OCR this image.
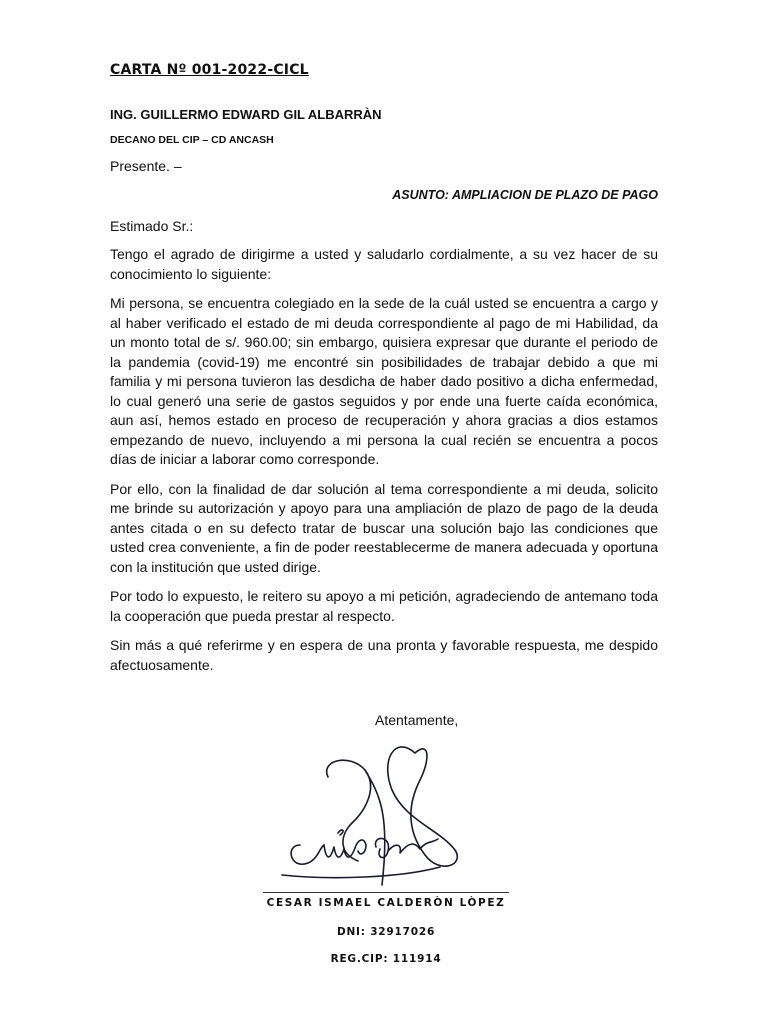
CARTA Nº 001-2022-CICL

ING. GUILLERMO EDWARD GIL ALBARRÀN

DECANO DEL CIP – CD ANCASH

Presente. –

ASUNTO: AMPLIACION DE PLAZO DE PAGO

Estimado Sr.:

Tengo el agrado de dirigirme a usted y saludarlo cordialmente, a su vez hacer de su conocimiento lo siguiente:

Mi persona, se encuentra colegiado en la sede de la cuál usted se encuentra a cargo y al haber verificado el estado de mi deuda correspondiente al pago de mi Habilidad, da un monto total de s/. 960.00; sin embargo, quisiera expresar que durante el periodo de la pandemia (covid-19) me encontré sin posibilidades de trabajar debido a que mi familia y mi persona tuvieron las desdicha de haber dado positivo a dicha enfermedad, lo cual generó una serie de gastos seguidos y por ende una fuerte caída económica, aun así, hemos estado en proceso de recuperación y ahora gracias a dios estamos empezando de nuevo, incluyendo a mi persona la cual recién se encuentra a pocos días de iniciar a laborar como corresponde.

Por ello, con la finalidad de dar solución al tema correspondiente a mi deuda, solicito me brinde su autorización y apoyo para una ampliación de plazo de pago de la deuda antes citada o en su defecto tratar de buscar una solución bajo las condiciones que usted crea conveniente, a fin de poder reestablecerme de manera adecuada y oportuna con la institución que usted dirige.

Por todo lo expuesto, le reitero su apoyo a mi petición, agradeciendo de antemano toda la cooperación que pueda prestar al respecto.

Sin más a qué referirme y en espera de una pronta y favorable respuesta, me despido afectuosamente.

Atentamente,

CESAR ISMAEL CALDERÒN LÒPEZ

DNI: 32917026

REG.CIP: 111914
